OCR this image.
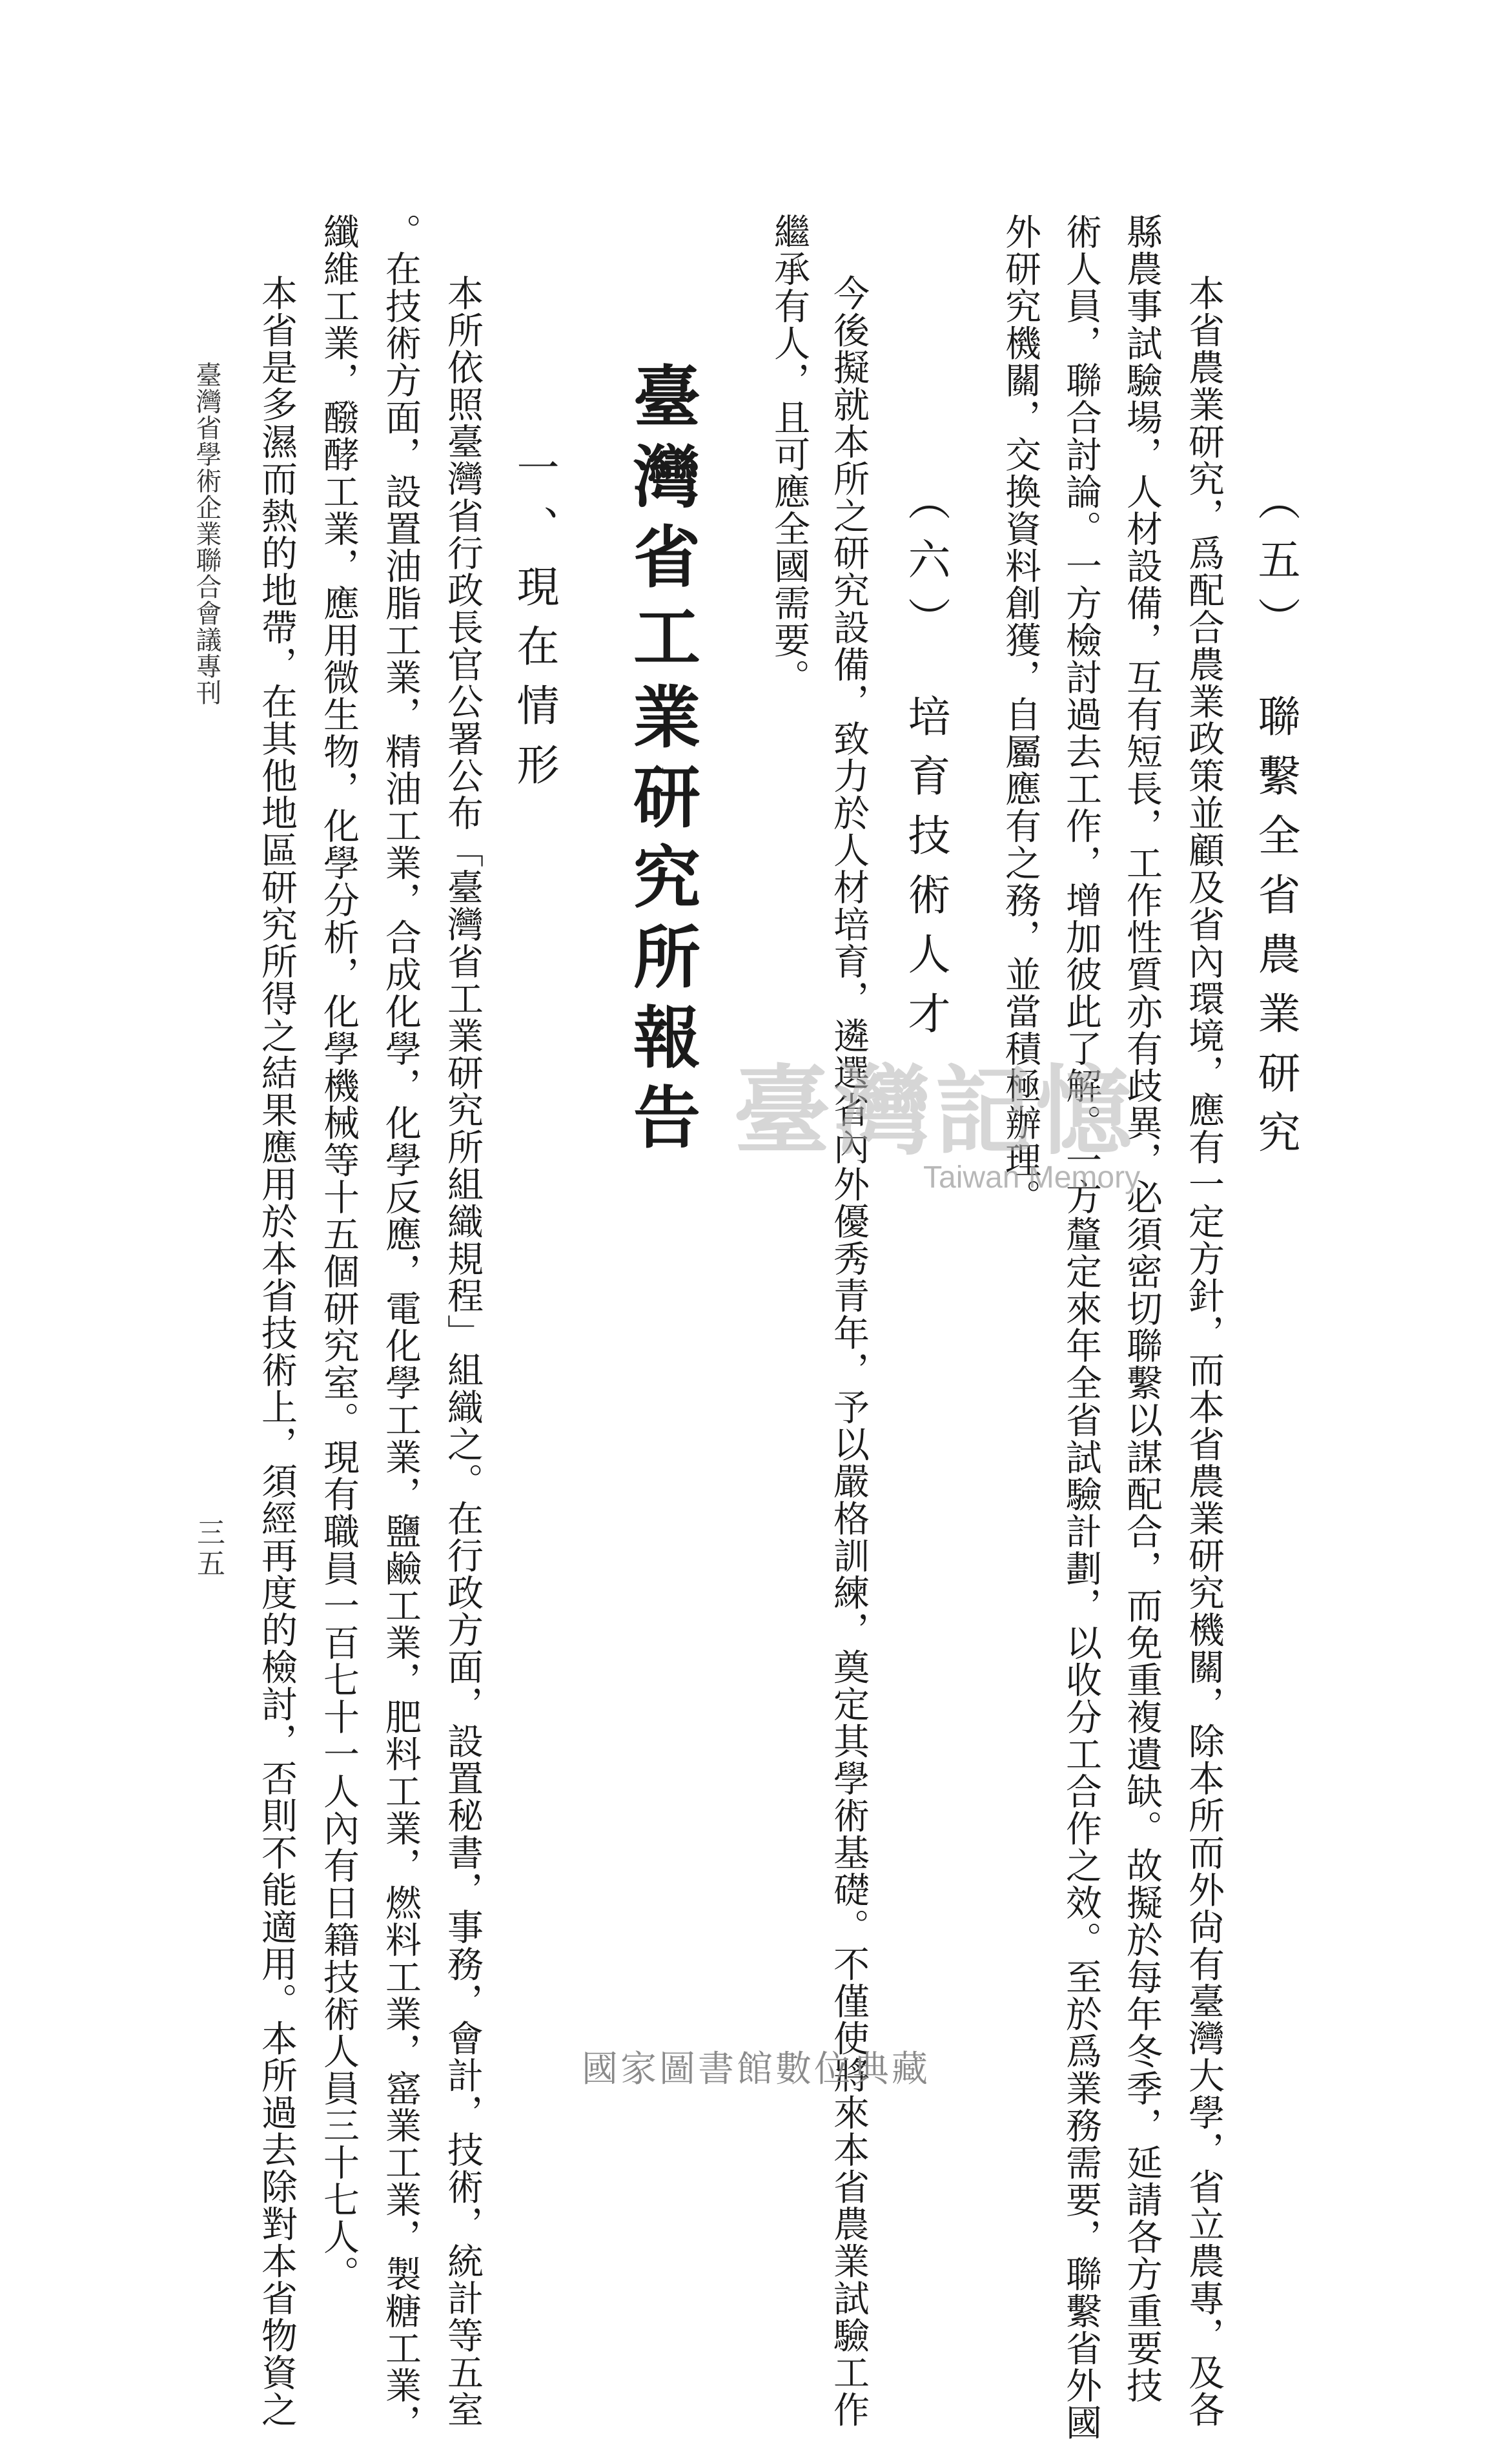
（五）　聯繫全省農業研究
本省農業研究，爲配合農業政策並顧及省內環境，應有一定方針，而本省農業研究機關，除本所而外尙有臺灣大學，省立農專，及各
縣農事試驗場，人材設備，互有短長，工作性質亦有歧異，必須密切聯繫以謀配合，而免重複遺缺。故擬於每年冬季，延請各方重要技
術人員，聯合討論。一方檢討過去工作，增加彼此了解。一方釐定來年全省試驗計劃，以收分工合作之效。至於爲業務需要，聯繫省外國
外研究機關，交換資料創獲，自屬應有之務，並當積極辦理。
（六）　培育技術人才
今後擬就本所之研究設備，致力於人材培育，遴選省內外優秀青年，予以嚴格訓練，奠定其學術基礎。不僅使將來本省農業試驗工作
繼承有人，且可應全國需要。
臺灣省工業研究所報告
一、現在情形
本所依照臺灣省行政長官公署公布「臺灣省工業研究所組織規程」組織之。在行政方面，設置秘書，事務，會計，技術，統計等五室
。在技術方面，設置油脂工業，精油工業，合成化學，化學反應，電化學工業，鹽鹼工業，肥料工業，燃料工業，窰業工業，製糖工業，
纖維工業，醱酵工業，應用微生物，化學分析，化學機械等十五個研究室。現有職員一百七十一人內有日籍技術人員三十七人。
本省是多濕而熱的地帶，在其他地區研究所得之結果應用於本省技術上，須經再度的檢討，否則不能適用。本所過去除對本省物資之
臺灣省學術企業聯合會議專刊
三五
臺灣記憶
Taiwan Memory
國家圖書館數位典藏
